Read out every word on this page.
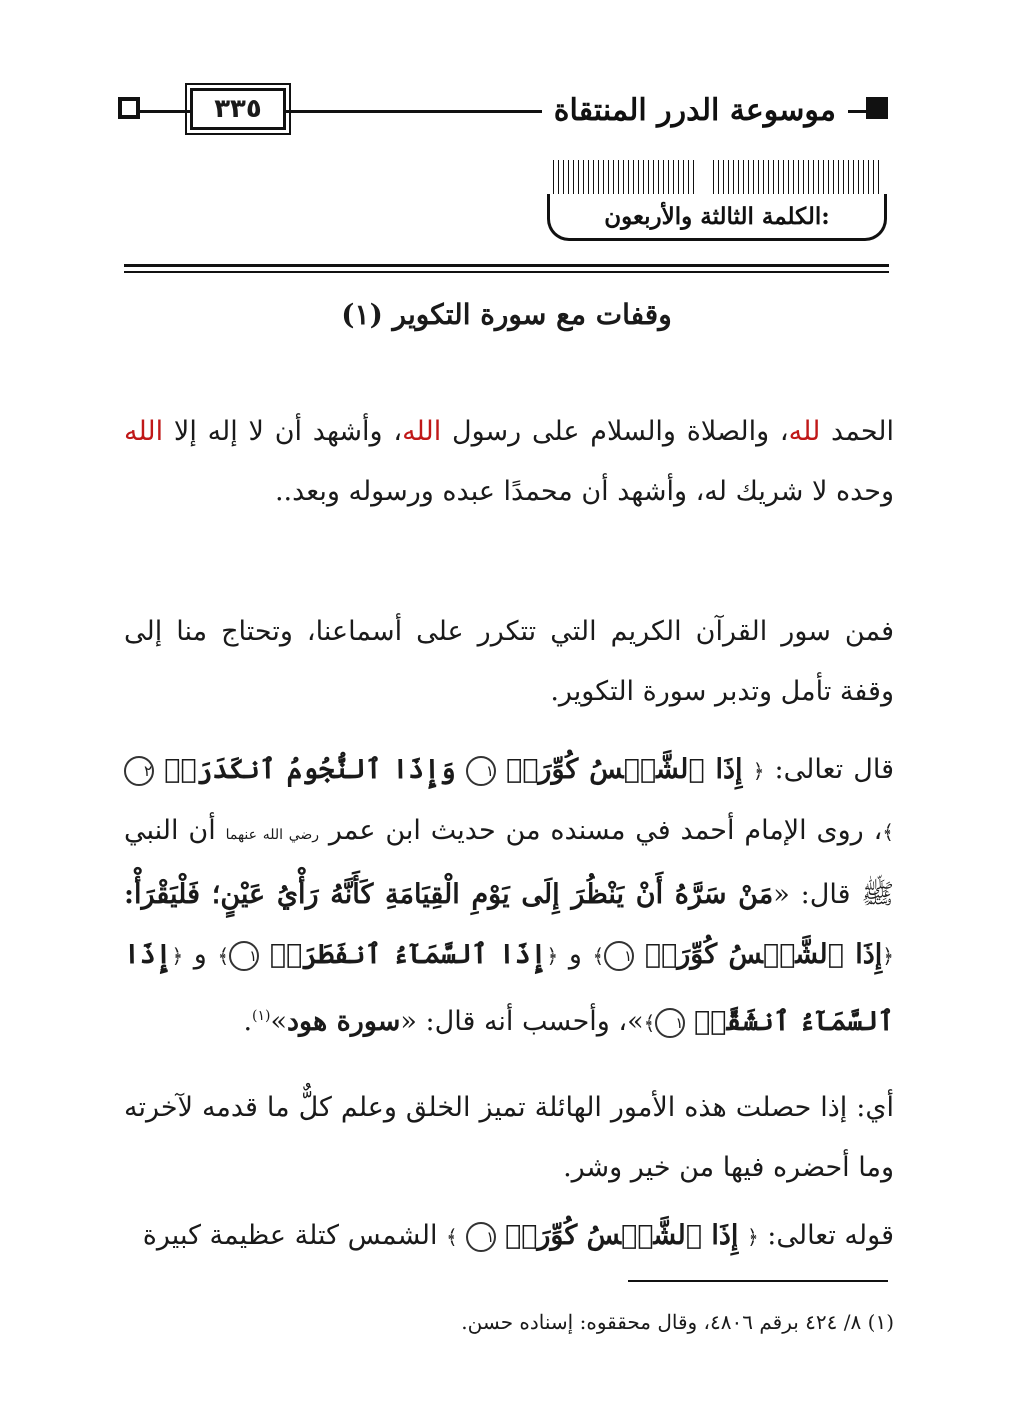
٣٣٥	موسوعة الدرر المنتقاة
الكلمة الثالثة والأربعون:
وقفات مع سورة التكوير (١)
الحمد لله، والصلاة والسلام على رسول الله، وأشهد أن لا إله إلا الله وحده لا شريك له، وأشهد أن محمدًا عبده ورسوله وبعد..
فمن سور القرآن الكريم التي تتكرر على أسماعنا، وتحتاج منا إلى وقفة تأمل وتدبر سورة التكوير.
قال تعالى: ﴿ إِذَا ٱلشَّمۡسُ كُوِّرَتۡ ١ وَإِذَا ٱلنُّجُومُ ٱنكَدَرَتۡ ٢ ﴾، روى الإمام أحمد في مسنده من حديث ابن عمر رضي الله عنهما أن النبي ﷺ قال: «مَنْ سَرَّهُ أَنْ يَنْظُرَ إِلَى يَوْمِ الْقِيَامَةِ كَأَنَّهُ رَأْيُ عَيْنٍ؛ فَلْيَقْرَأْ: ﴿إِذَا ٱلشَّمۡسُ كُوِّرَتۡ ١﴾ و ﴿إِذَا ٱلسَّمَآءُ ٱنفَطَرَتۡ ١﴾ و ﴿إِذَا ٱلسَّمَآءُ ٱنشَقَّتۡ ١﴾»، وأحسب أنه قال: «سورة هود»$^{(١)}$.
أي: إذا حصلت هذه الأمور الهائلة تميز الخلق وعلم كلٌّ ما قدمه لآخرته وما أحضره فيها من خير وشر.
قوله تعالى: ﴿ إِذَا ٱلشَّمۡسُ كُوِّرَتۡ ١ ﴾ الشمس كتلة عظيمة كبيرة
(١) ٨/ ٤٢٤ برقم ٤٨٠٦، وقال محققوه: إسناده حسن.
